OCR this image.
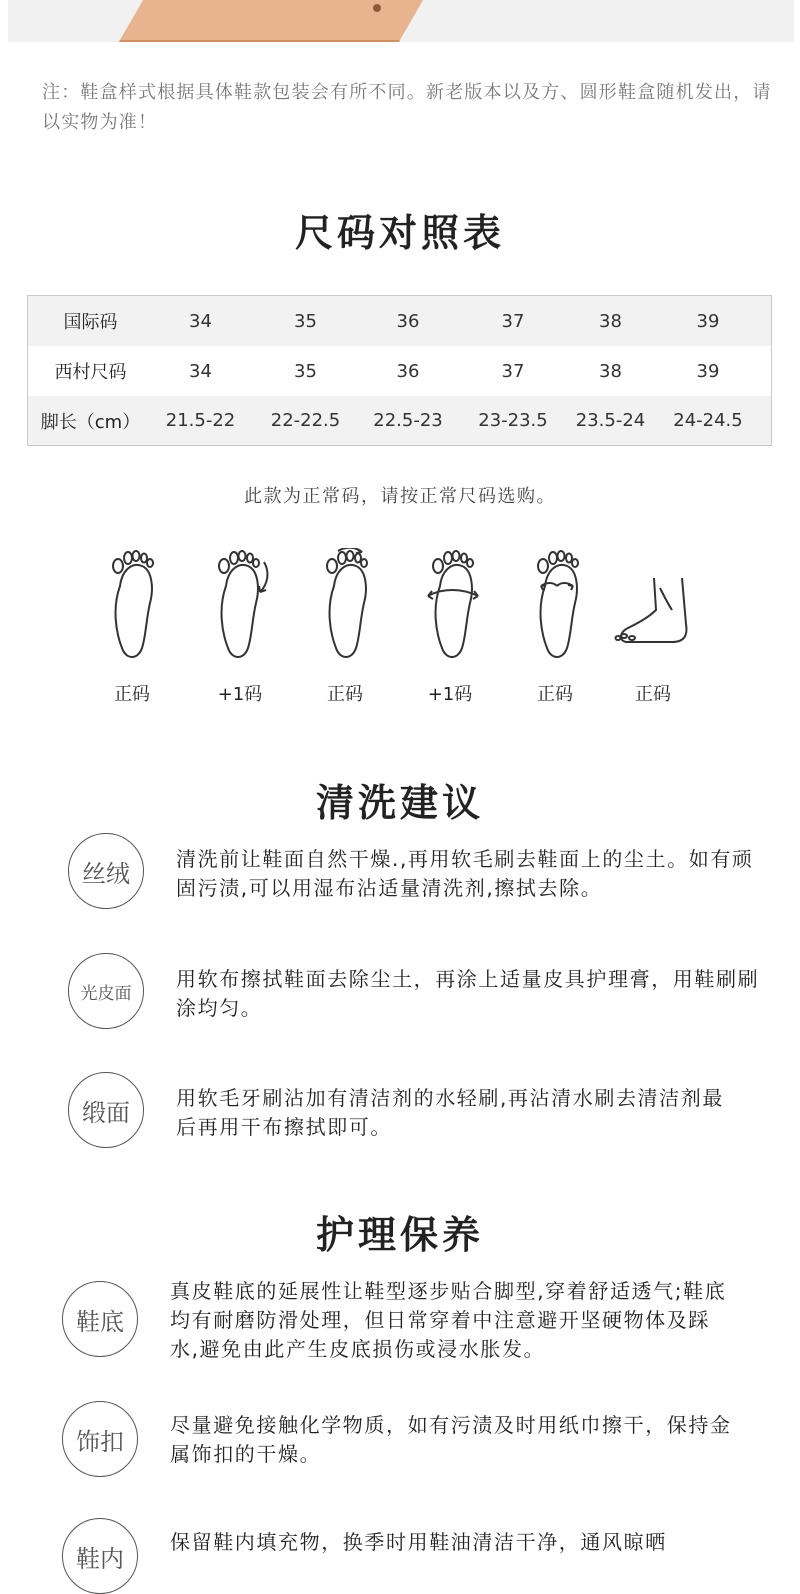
注：鞋盒样式根据具体鞋款包装会有所不同。新老版本以及方、圆形鞋盒随机发出，请以实物为准！
尺码对照表
国际码	34	35	36	37	38	39
西村尺码	34	35	36	37	38	39
脚长（cm）	21.5-22	22-22.5	22.5-23	23-23.5	23.5-24	24-24.5
此款为正常码，请按正常尺码选购。
正码	+1码	正码	+1码	正码	正码
清洗建议
丝绒
清洗前让鞋面自然干燥.,再用软毛刷去鞋面上的尘土。如有顽固污渍,可以用湿布沾适量清洗剂,擦拭去除。
光皮面
用软布擦拭鞋面去除尘土，再涂上适量皮具护理膏，用鞋刷刷涂均匀。
缎面
用软毛牙刷沾加有清洁剂的水轻刷,再沾清水刷去清洁剂最后再用干布擦拭即可。
护理保养
鞋底
真皮鞋底的延展性让鞋型逐步贴合脚型,穿着舒适透气;鞋底均有耐磨防滑处理，但日常穿着中注意避开坚硬物体及踩水,避免由此产生皮底损伤或浸水胀发。
饰扣
尽量避免接触化学物质，如有污渍及时用纸巾擦干，保持金属饰扣的干燥。
鞋内
保留鞋内填充物，换季时用鞋油清洁干净，通风晾晒
